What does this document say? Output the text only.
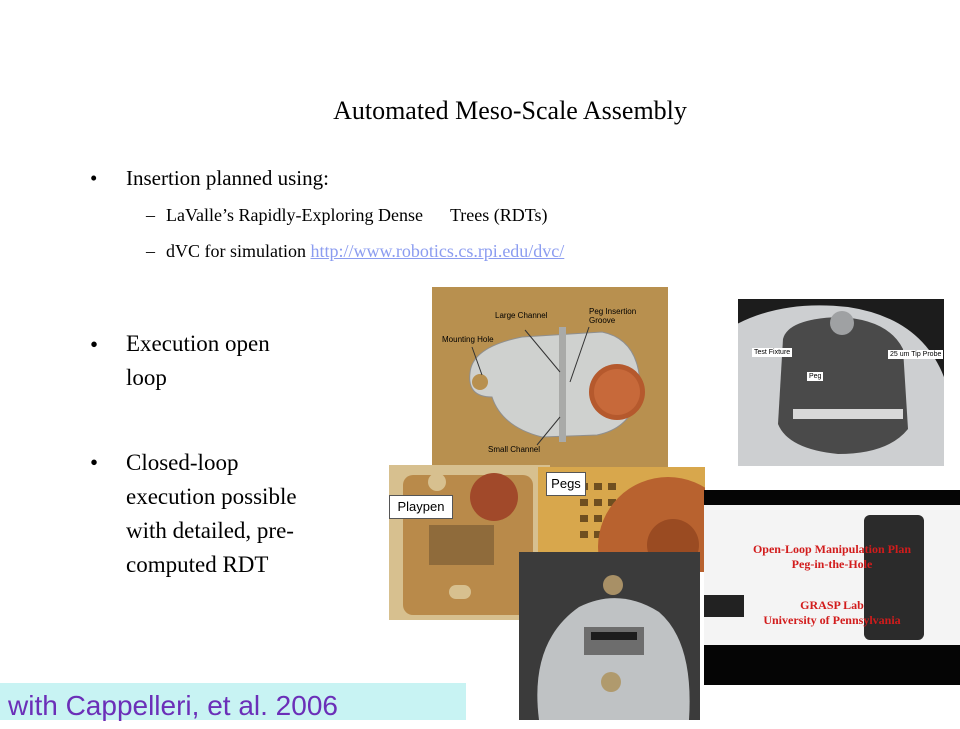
Automated Meso-Scale Assembly
• Insertion planned using:
– LaValle’s Rapidly-Exploring Dense      Trees (RDTs)
– dVC for simulation http://www.robotics.cs.rpi.edu/dvc/
• Execution open
loop
• Closed-loop
execution possible
with detailed, pre-
computed RDT
Large Channel	Peg Insertion Groove
Mounting Hole
Small Channel
Test Fixture	25 um Tip Probe
Peg
Playpen
Pegs
Open-Loop Manipulation Plan
Peg-in-the-Hole
GRASP Lab
University of Pennsylvania
with Cappelleri, et al. 2006
